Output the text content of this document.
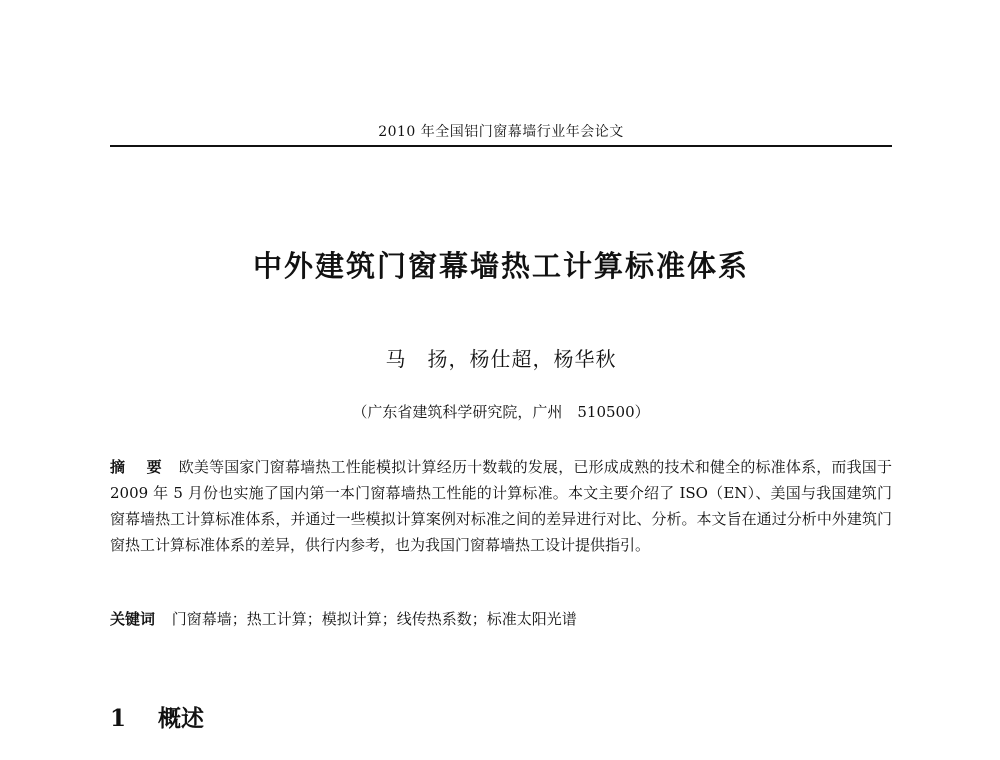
2010 年全国铝门窗幕墙行业年会论文
中外建筑门窗幕墙热工计算标准体系
马　扬，杨仕超，杨华秋
（广东省建筑科学研究院，广州　510500）
摘 要 欧美等国家门窗幕墙热工性能模拟计算经历十数载的发展，已形成成熟的技术和健全的标准体系，而我国于 2009 年 5 月份也实施了国内第一本门窗幕墙热工性能的计算标准。本文主要介绍了 ISO（EN）、美国与我国建筑门窗幕墙热工计算标准体系，并通过一些模拟计算案例对标准之间的差异进行对比、分析。本文旨在通过分析中外建筑门窗热工计算标准体系的差异，供行内参考，也为我国门窗幕墙热工设计提供指引。
关键词 门窗幕墙；热工计算；模拟计算；线传热系数；标准太阳光谱
1 概述
